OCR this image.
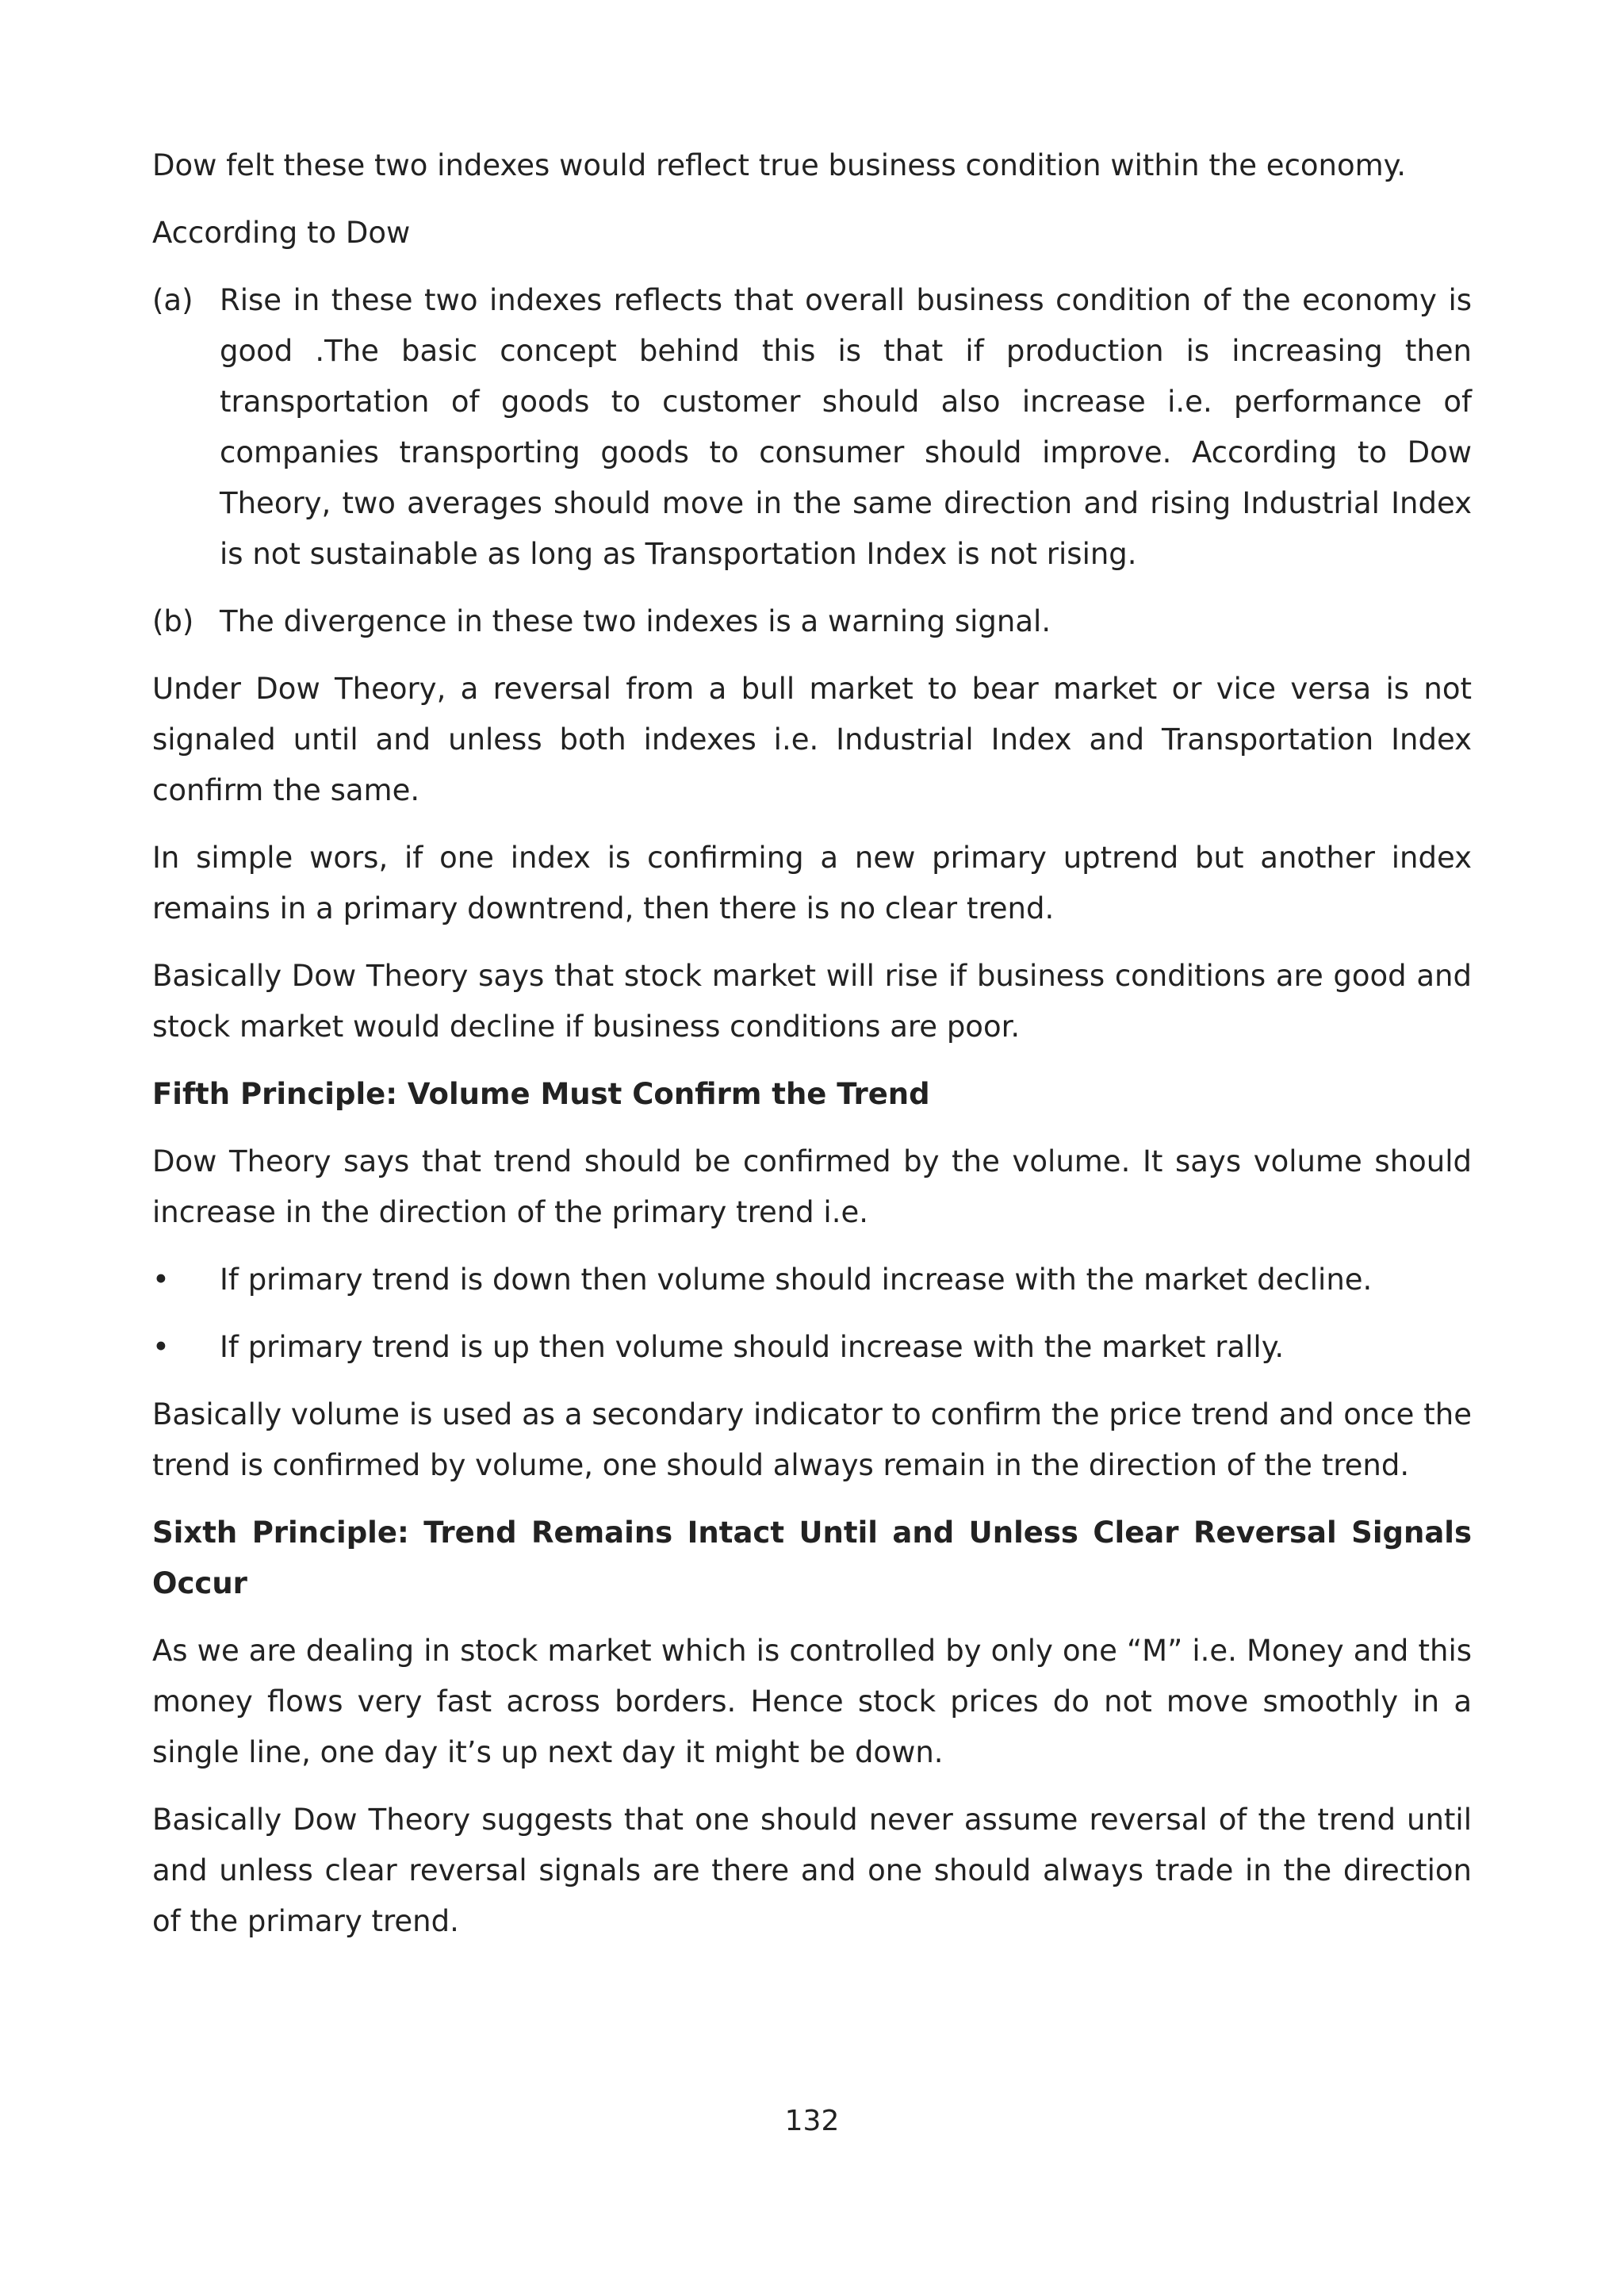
Dow felt these two indexes would reflect true business condition within the economy.

According to Dow

(a) Rise in these two indexes reflects that overall business condition of the economy is good .The basic concept behind this is that if production is increasing then transportation of goods to customer should also increase i.e. performance of companies transporting goods to consumer should improve. According to Dow Theory, two averages should move in the same direction and rising Industrial Index is not sustainable as long as Transportation Index is not rising.
(b) The divergence in these two indexes is a warning signal.

Under Dow Theory, a reversal from a bull market to bear market or vice versa is not signaled until and unless both indexes i.e. Industrial Index and Transportation Index confirm the same.

In simple wors, if one index is confirming a new primary uptrend but another index remains in a primary downtrend, then there is no clear trend.

Basically Dow Theory says that stock market will rise if business conditions are good and stock market would decline if business conditions are poor.

Fifth Principle: Volume Must Confirm the Trend

Dow Theory says that trend should be confirmed by the volume. It says volume should increase in the direction of the primary trend i.e.

•	If primary trend is down then volume should increase with the market decline.
•	If primary trend is up then volume should increase with the market rally.

Basically volume is used as a secondary indicator to confirm the price trend and once the trend is confirmed by volume, one should always remain in the direction of the trend.

Sixth Principle: Trend Remains Intact Until and Unless Clear Reversal Signals Occur

As we are dealing in stock market which is controlled by only one “M” i.e. Money and this money flows very fast across borders. Hence stock prices do not move smoothly in a single line, one day it’s up next day it might be down.

Basically Dow Theory suggests that one should never assume reversal of the trend until and unless clear reversal signals are there and one should always trade in the direction of the primary trend.

132
